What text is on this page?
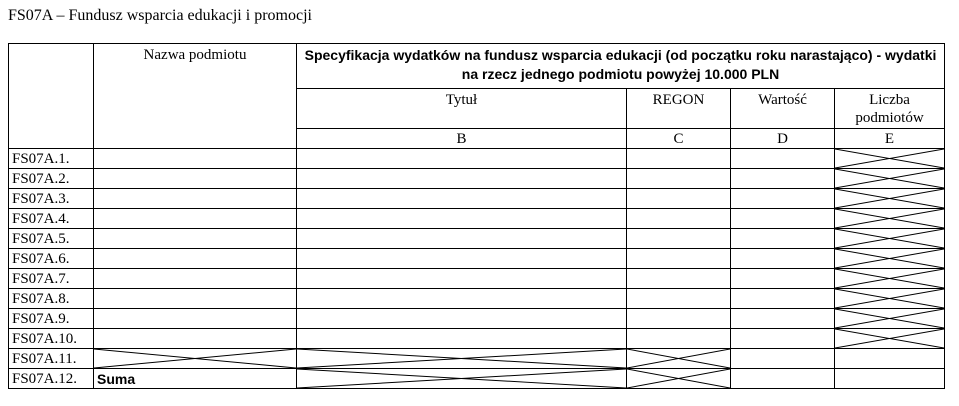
FS07A – Fundusz wsparcia edukacji i promocji
	Nazwa podmiotu	Specyfikacja wydatków na fundusz wsparcia edukacji (od początku roku narastająco) - wydatki na rzecz jednego podmiotu powyżej 10.000 PLN			
		Tytuł	REGON	Wartość	Liczba podmiotów
		B	C	D	E
FS07A.1.					

FS07A.2.					

FS07A.3.					

FS07A.4.					

FS07A.5.					

FS07A.6.					

FS07A.7.					

FS07A.8.					

FS07A.9.					

FS07A.10.					

FS07A.11.	

FS07A.12.	Suma	
